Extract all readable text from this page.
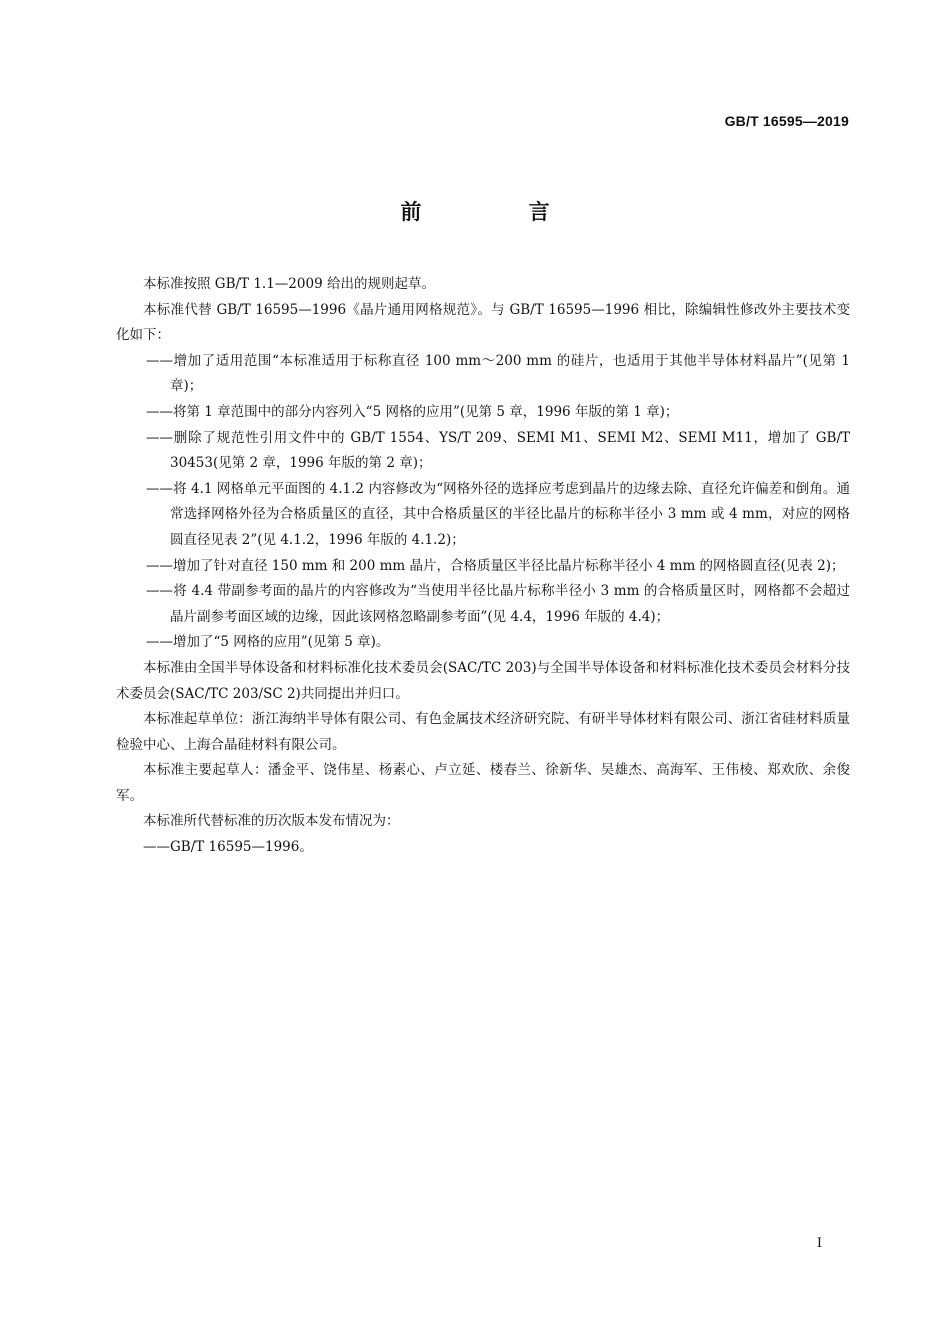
GB/T 16595—2019
前 言

本标准按照 GB/T 1.1—2009 给出的规则起草。

本标准代替 GB/T 16595—1996《晶片通用网格规范》。与 GB/T 16595—1996 相比，除编辑性修改外主要技术变化如下：

——增加了适用范围“本标准适用于标称直径 100 mm～200 mm 的硅片，也适用于其他半导体材料晶片”(见第 1 章)；

——将第 1 章范围中的部分内容列入“5 网格的应用”(见第 5 章，1996 年版的第 1 章)；

——删除了规范性引用文件中的 GB/T 1554、YS/T 209、SEMI M1、SEMI M2、SEMI M11，增加了 GB/T 30453(见第 2 章，1996 年版的第 2 章)；

——将 4.1 网格单元平面图的 4.1.2 内容修改为“网格外径的选择应考虑到晶片的边缘去除、直径允许偏差和倒角。通常选择网格外径为合格质量区的直径，其中合格质量区的半径比晶片的标称半径小 3 mm 或 4 mm，对应的网格圆直径见表 2”(见 4.1.2，1996 年版的 4.1.2)；

——增加了针对直径 150 mm 和 200 mm 晶片，合格质量区半径比晶片标称半径小 4 mm 的网格圆直径(见表 2)；

——将 4.4 带副参考面的晶片的内容修改为“当使用半径比晶片标称半径小 3 mm 的合格质量区时，网格都不会超过晶片副参考面区域的边缘，因此该网格忽略副参考面”(见 4.4，1996 年版的 4.4)；

——增加了“5 网格的应用”(见第 5 章)。

本标准由全国半导体设备和材料标准化技术委员会(SAC/TC 203)与全国半导体设备和材料标准化技术委员会材料分技术委员会(SAC/TC 203/SC 2)共同提出并归口。

本标准起草单位：浙江海纳半导体有限公司、有色金属技术经济研究院、有研半导体材料有限公司、浙江省硅材料质量检验中心、上海合晶硅材料有限公司。

本标准主要起草人：潘金平、饶伟星、杨素心、卢立延、楼春兰、徐新华、吴雄杰、高海军、王伟棱、郑欢欣、余俊军。

本标准所代替标准的历次版本发布情况为：

——GB/T 16595—1996。

I
